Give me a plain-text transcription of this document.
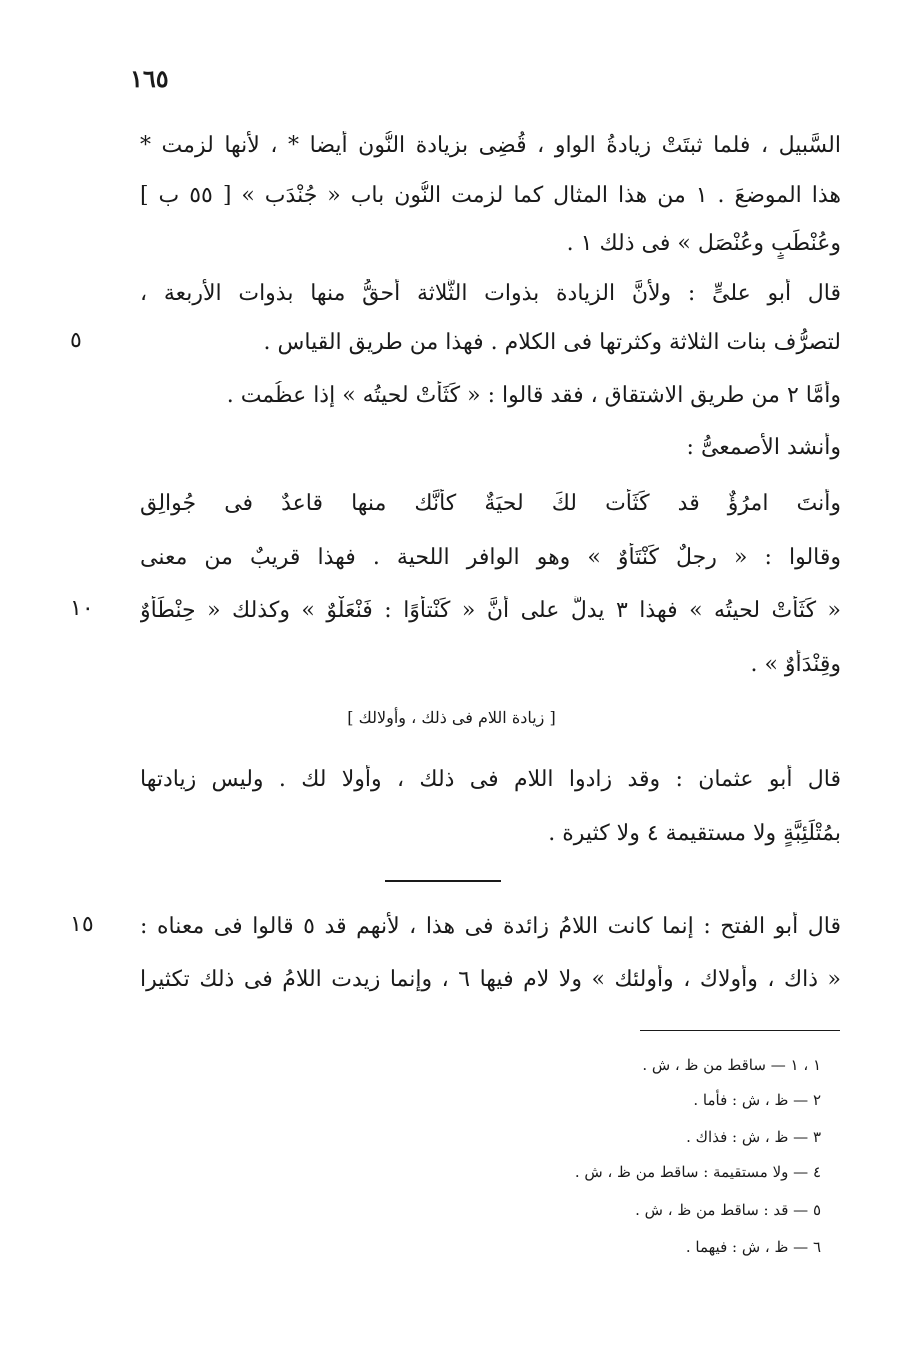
١٦٥
السَّبيل ، فلما ثبتَتْ زيادةُ الواو ، قُضِى بزيادة النُّون أيضا * ، لأنها لزمت *
هذا الموضعَ . ١ من هذا المثال كما لزمت النُّون باب « جُنْدَب » [ ٥٥ ب ]
وعُنْطَبٍ وعُنْصَل » فى ذلك ١ .
قال أبو علىٍّ : ولأنَّ الزيادة بذوات الثَّلاثة أحقُّ منها بذوات الأربعة ،
لتصرُّف بنات الثلاثة وكثرتها فى الكلام . فهذا من طريق القياس .
٥
وأمَّا ٢ من طريق الاشتقاق ، فقد قالوا : « كَثَأَتْ لحيتُه » إذا عظُمت .
وأنشد الأصمعىُّ :
وأنتَ امرُؤٌ قد كَثَأَت لكَ لحيَةٌ كأنَّك منها قاعدٌ فى جُوالِق
وقالوا : « رجلٌ كَنْتَأْوٌ » وهو الوافر اللحية . فهذا قريبٌ من معنى
« كَثَأَتْ لحيتُه » فهذا ٣ يدلُّ على أنَّ « كَنْتأْوًا : فَنْعَلْوٌ » وكذلك « حِنْطَأْوٌ
١٠
وقِنْدَأْوٌ » .
[ زيادة اللام فى ذلك ، وأولالك ]
قال أبو عثمان : وقد زادوا اللام فى ذلك ، وأُولا لك . وليس زيادتها
بمُتْلَئِبَّةٍ ولا مستقيمة ٤ ولا كثيرة .
قال أبو الفتح : إنما كانت اللامُ زائدة فى هذا ، لأنهم قد ٥ قالوا فى معناه :
١٥
« ذاك ، وأُولاك ، وأُولئك » ولا لام فيها ٦ ، وإنما زيدت اللامُ فى ذلك تكثيرا
١ ، ١ — ساقط من ظ ، ش .
٢ — ظ ، ش : فأما .
٣ — ظ ، ش : فذاك .
٤ — ولا مستقيمة : ساقط من ظ ، ش .
٥ — قد : ساقط من ظ ، ش .
٦ — ظ ، ش : فيهما .
